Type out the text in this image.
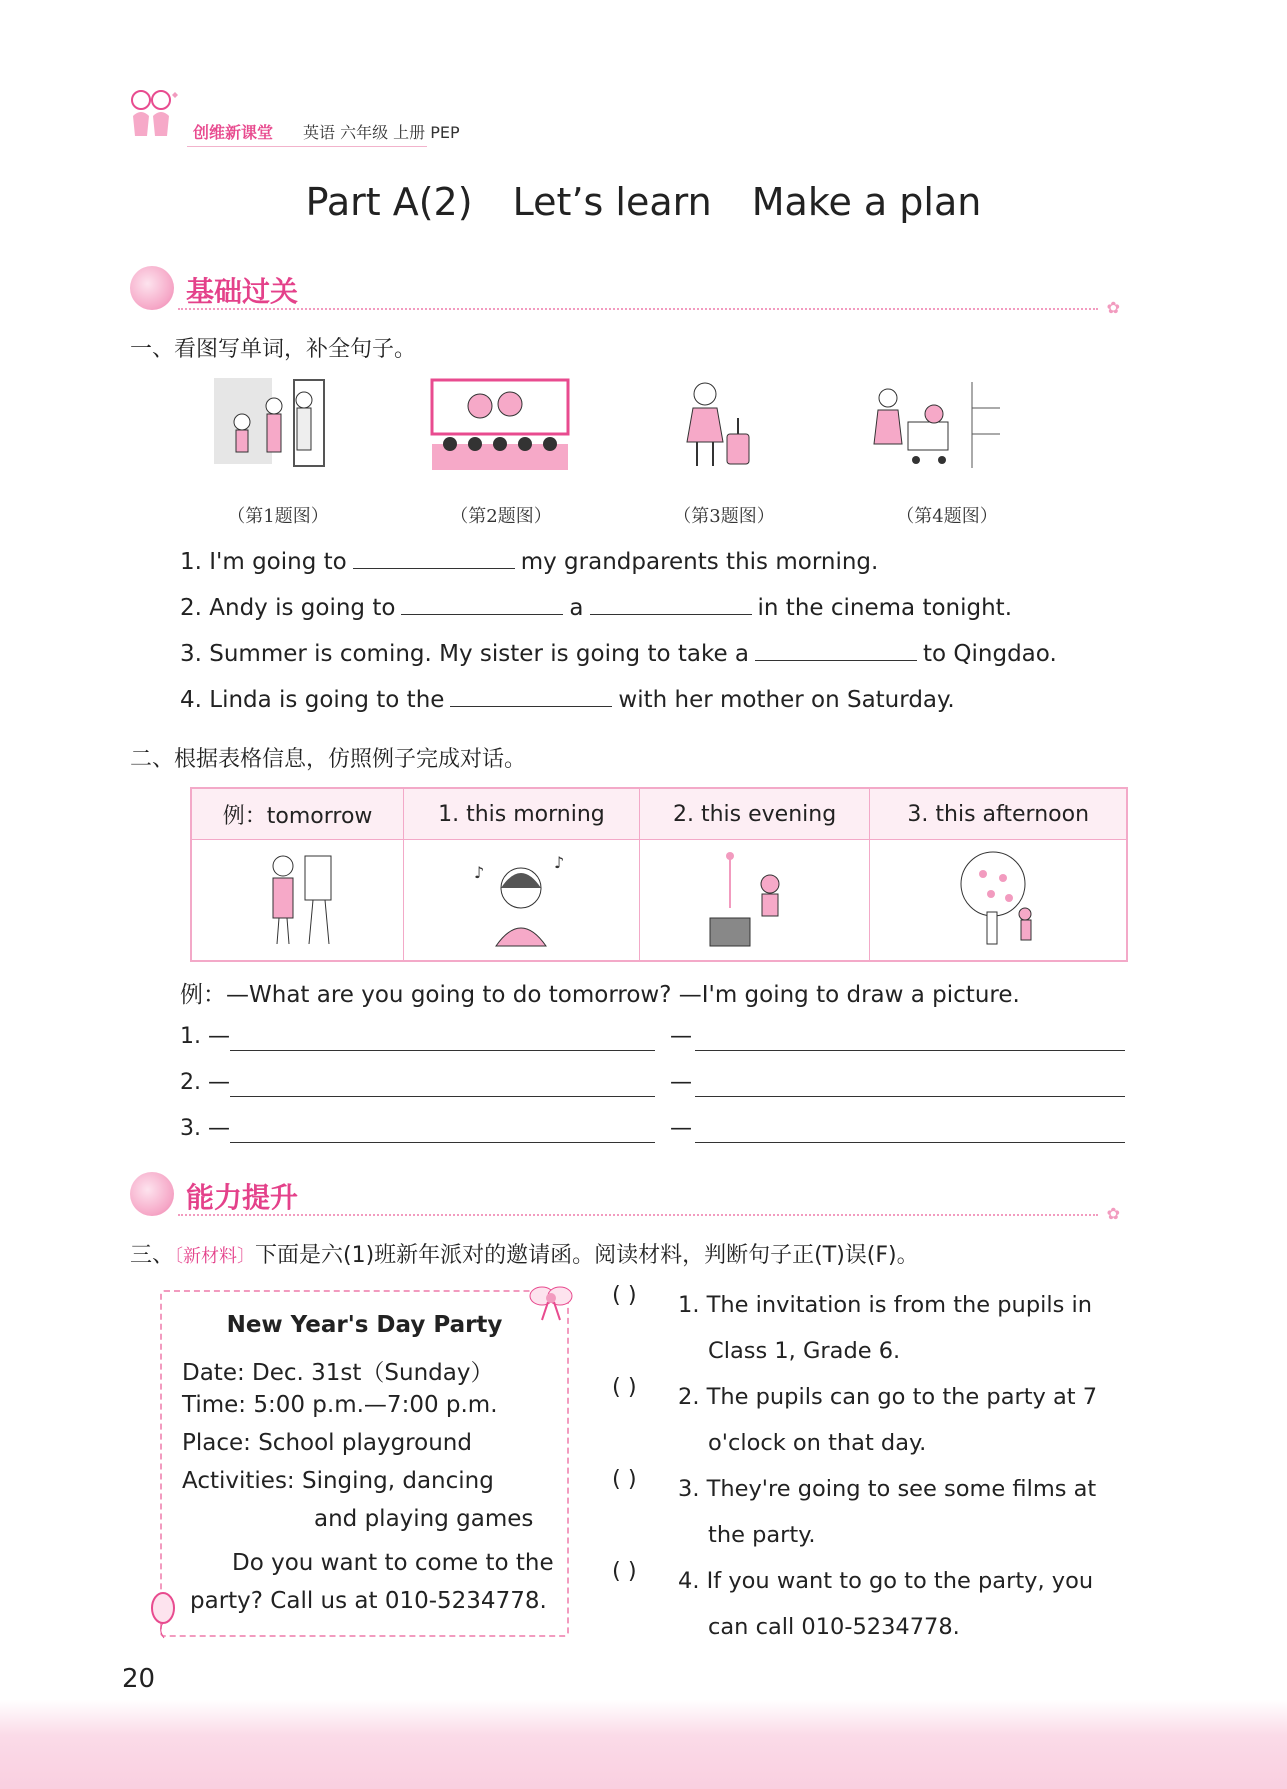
创维新课堂 英语 六年级 上册 PEP
Part A(2) Let’s learn Make a plan
基础过关	✿
一、看图写单词，补全句子。
（第1题图）	（第2题图）	（第3题图）	（第4题图）
1. I'm going to	my grandparents this morning.
2. Andy is going to	a	in the cinema tonight.
3. Summer is coming. My sister is going to take a	to Qingdao.
4. Linda is going to the	with her mother on Saturday.
二、根据表格信息，仿照例子完成对话。
例：tomorrow	1. this morning	2. this evening	3. this afternoon

♪
♪

例：—What are you going to do tomorrow? —I'm going to draw a picture.
1. —	—
2. —	—
3. —	—
能力提升	✿
三、〔新材料〕下面是六(1)班新年派对的邀请函。阅读材料，判断句子正(T)误(F)。
New Year's Day Party
Date: Dec. 31st（Sunday）
Time: 5:00 p.m.—7:00 p.m.
Place: School playground
Activities: Singing, dancing
and playing games
Do you want to come to the
party? Call us at 010-5234778.
( ) 1. The invitation is from the pupils in
Class 1, Grade 6.
( ) 2. The pupils can go to the party at 7
o'clock on that day.
( ) 3. They're going to see some films at
the party.
( ) 4. If you want to go to the party, you
can call 010-5234778.
20
